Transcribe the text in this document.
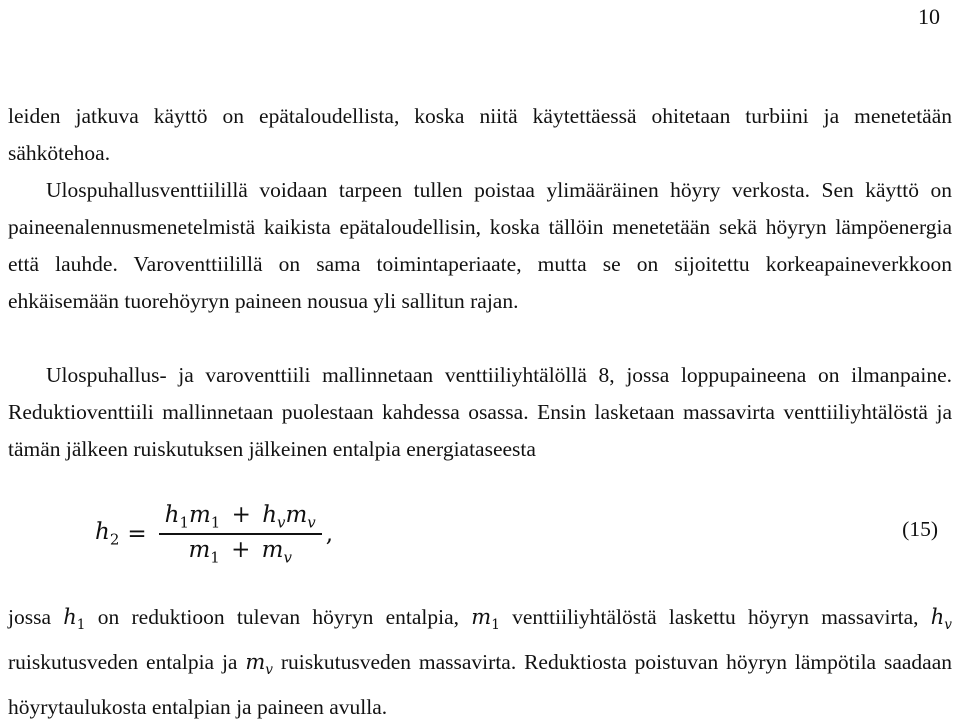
10

leiden jatkuva käyttö on epätaloudellista, koska niitä käytettäessä ohitetaan turbiini ja menetetään sähkötehoa.

Ulospuhallusventtiilillä voidaan tarpeen tullen poistaa ylimääräinen höyry verkosta. Sen käyttö on paineenalennusmenetelmistä kaikista epätaloudellisin, koska tällöin menetetään sekä höyryn lämpöenergia että lauhde. Varoventtiilillä on sama toimintaperiaate, mutta se on sijoitettu korkeapaineverkkoon ehkäisemään tuorehöyryn paineen nousua yli sallitun rajan.

Ulospuhallus- ja varoventtiili mallinnetaan venttiiliyhtälöllä 8, jossa loppupaineena on ilmanpaine. Reduktioventtiili mallinnetaan puolestaan kahdessa osassa. Ensin lasketaan massavirta venttiiliyhtälöstä ja tämän jälkeen ruiskutuksen jälkeinen entalpia energiataseesta

$h_2 = \frac{h_1m_1 + h_vm_v}{m_1 + m_v}$ ,	(15)

jossa $h_1$ on reduktioon tulevan höyryn entalpia, $m_1$ venttiiliyhtälöstä laskettu höyryn massavirta, $h_v$ ruiskutusveden entalpia ja $m_v$ ruiskutusveden massavirta. Reduktiosta poistuvan höyryn lämpötila saadaan höyrytaulukosta entalpian ja paineen avulla.
